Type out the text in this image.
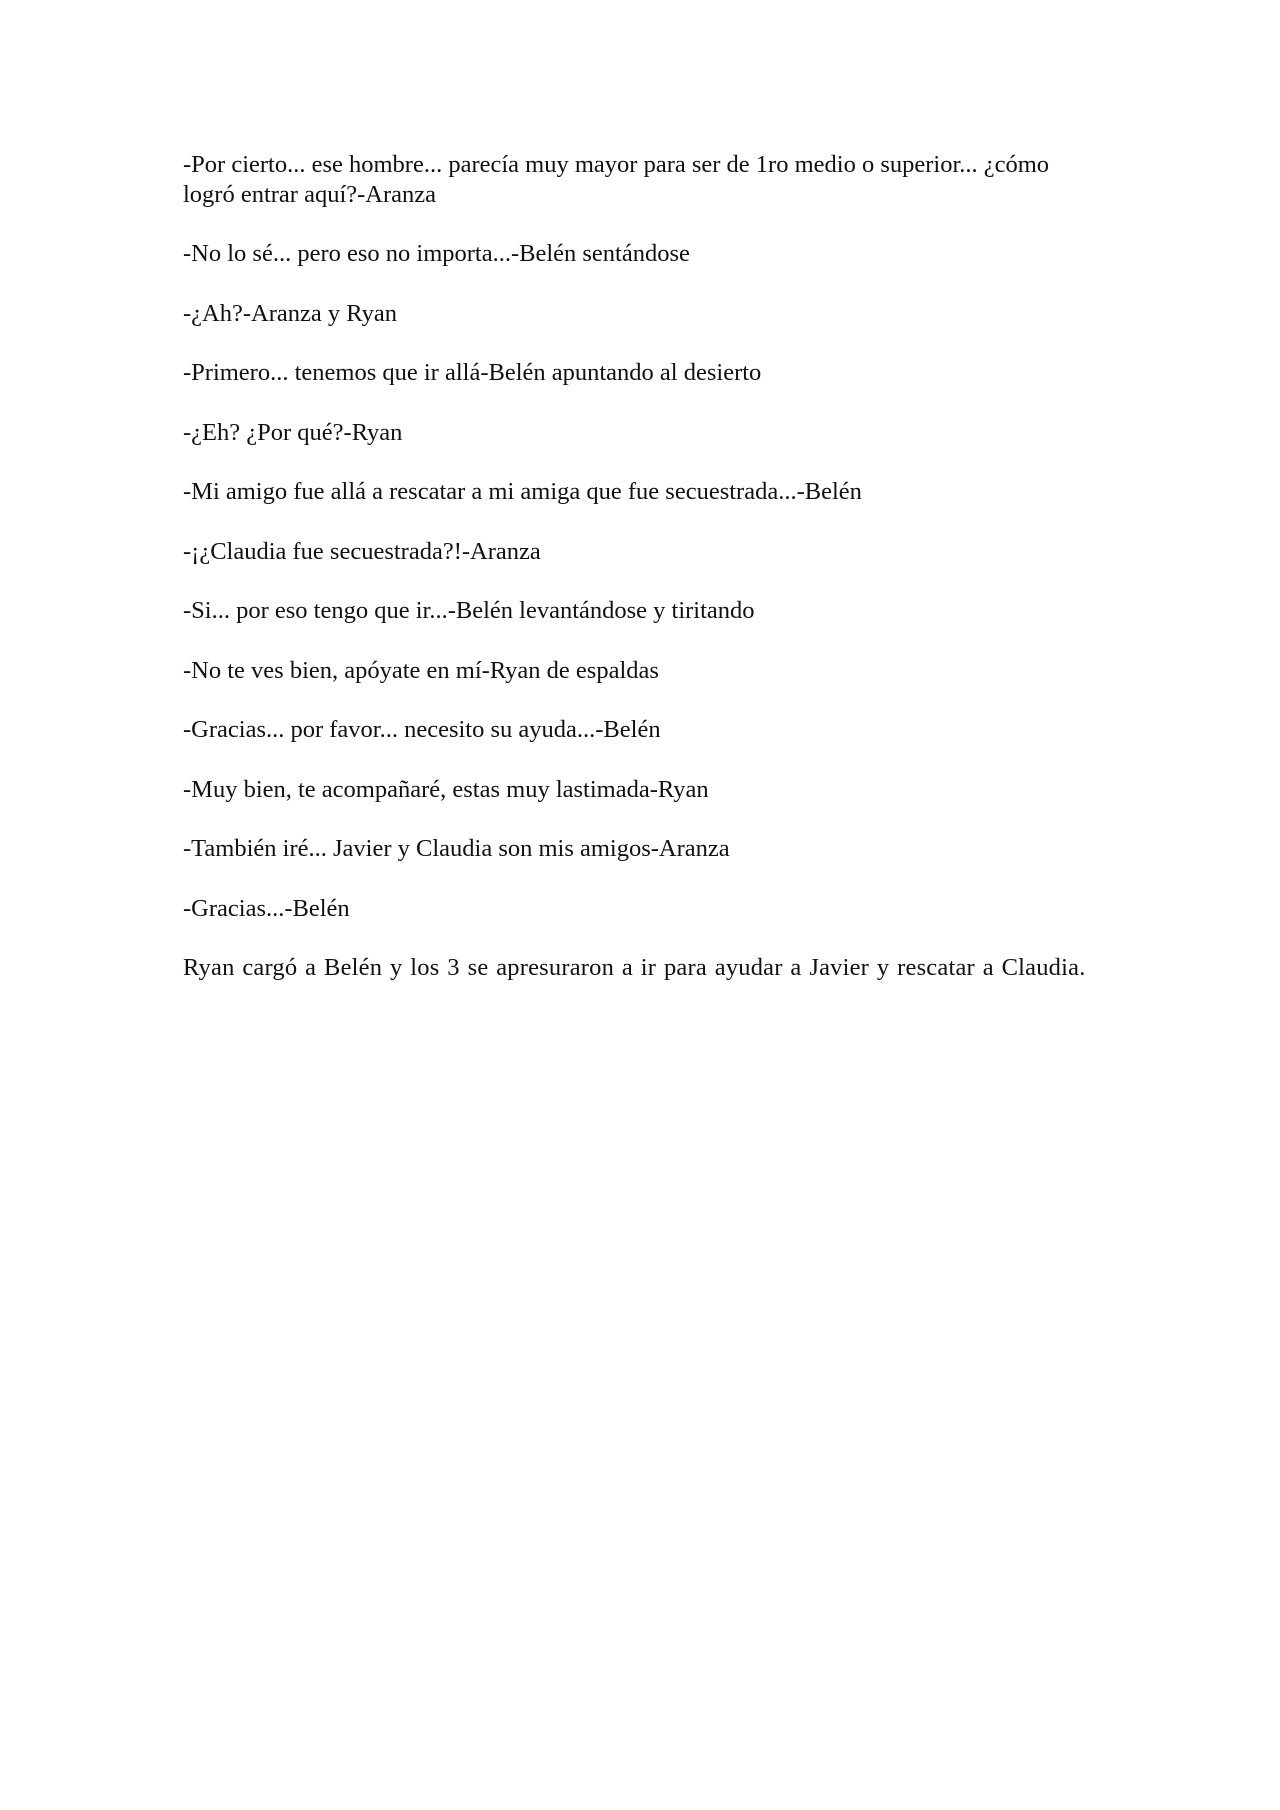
-Por cierto... ese hombre... parecía muy mayor para ser de 1ro medio o superior... ¿cómo logró entrar aquí?-Aranza

-No lo sé... pero eso no importa...-Belén sentándose

-¿Ah?-Aranza y Ryan

-Primero... tenemos que ir allá-Belén apuntando al desierto

-¿Eh? ¿Por qué?-Ryan

-Mi amigo fue allá a rescatar a mi amiga que fue secuestrada...-Belén

-¡¿Claudia fue secuestrada?!-Aranza

-Si... por eso tengo que ir...-Belén levantándose y tiritando

-No te ves bien, apóyate en mí-Ryan de espaldas

-Gracias... por favor... necesito su ayuda...-Belén

-Muy bien, te acompañaré, estas muy lastimada-Ryan

-También iré... Javier y Claudia son mis amigos-Aranza

-Gracias...-Belén

Ryan cargó a Belén y los 3 se apresuraron a ir para ayudar a Javier y rescatar a Claudia.
